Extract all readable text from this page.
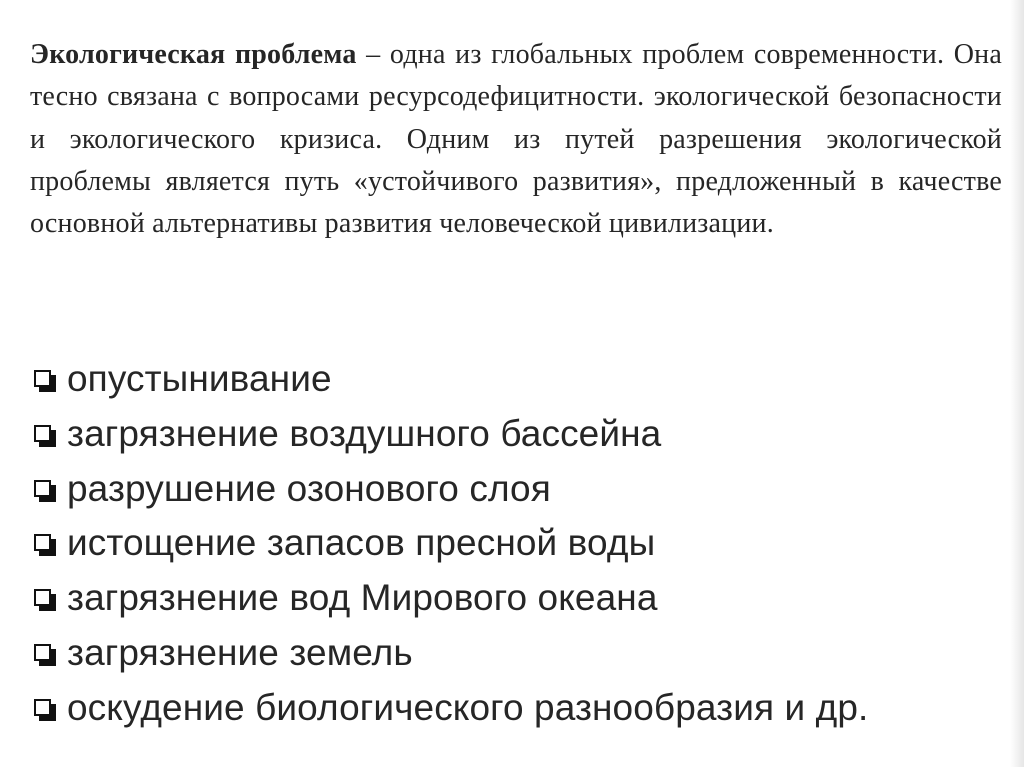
Экологическая проблема – одна из глобальных проблем современности. Она тесно связана с вопросами ресурсодефицитности. экологической безопасности и экологического кризиса. Одним из путей разрешения экологической проблемы является путь «устойчивого развития», предложенный в качестве основной альтернативы развития человеческой цивилизации.

опустынивание
загрязнение воздушного бассейна
разрушение озонового слоя
истощение запасов пресной воды
загрязнение вод Мирового океана
загрязнение земель
оскудение биологического разнообразия и др.
